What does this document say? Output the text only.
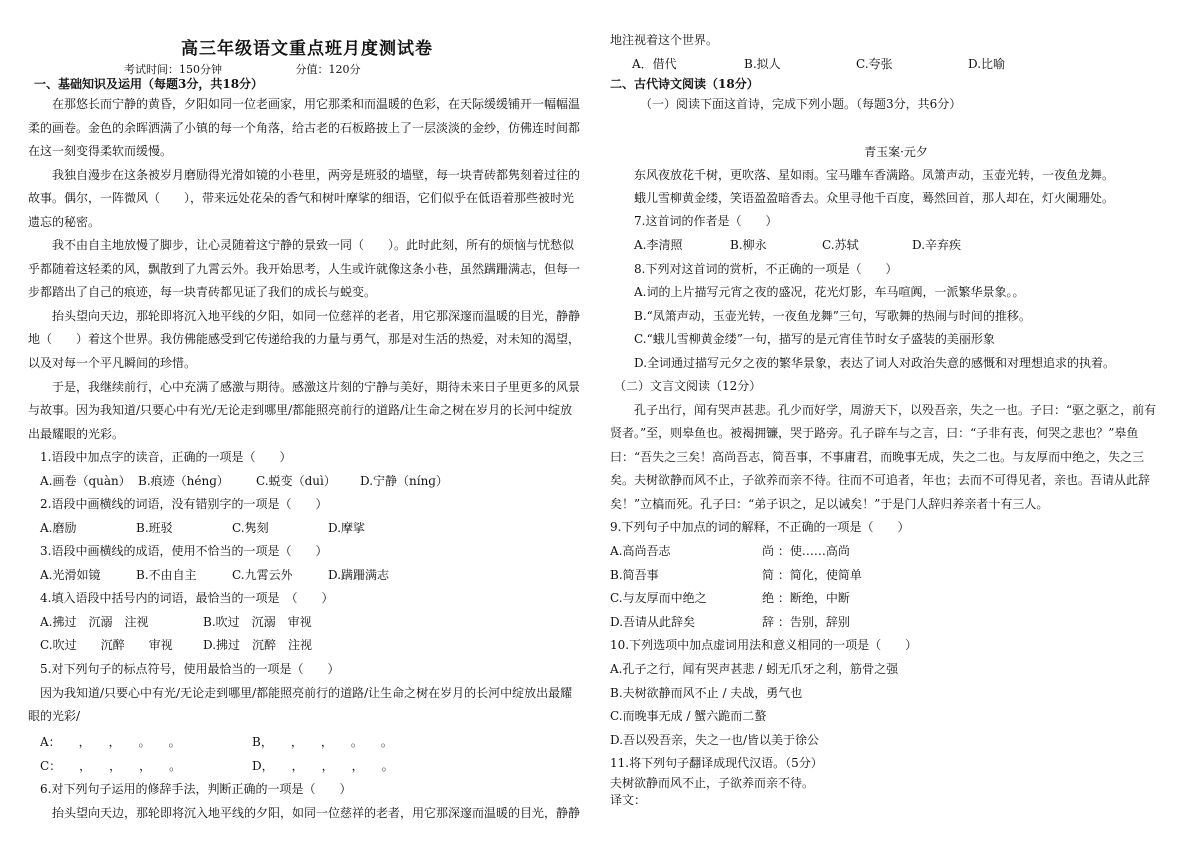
高三年级语文重点班月度测试卷
考试时间：150分钟	分值：120分
一、基础知识及运用（每题3分，共18分）
在那悠长而宁静的黄昏，夕阳如同一位老画家，用它那柔和而温暖的色彩，在天际缓缓铺开一幅幅温
柔的画卷。金色的余晖洒满了小镇的每一个角落，给古老的石板路披上了一层淡淡的金纱，仿佛连时间都
在这一刻变得柔软而缓慢。
我独自漫步在这条被岁月磨励得光滑如镜的小巷里，两旁是班驳的墙壁，每一块青砖都隽刻着过往的
故事。偶尔，一阵微风（　　），带来远处花朵的香气和树叶摩挲的细语，它们似乎在低语着那些被时光
遗忘的秘密。
我不由自主地放慢了脚步，让心灵随着这宁静的景致一同（　　）。此时此刻，所有的烦恼与忧愁似
乎都随着这轻柔的风，飘散到了九霄云外。我开始思考，人生或许就像这条小巷，虽然蹒跚满志，但每一
步都踏出了自己的痕迹，每一块青砖都见证了我们的成长与蜕变。
抬头望向天边，那轮即将沉入地平线的夕阳，如同一位慈祥的老者，用它那深邃而温暖的目光，静静
地（　　）着这个世界。我仿佛能感受到它传递给我的力量与勇气，那是对生活的热爱，对未知的渴望，
以及对每一个平凡瞬间的珍惜。
于是，我继续前行，心中充满了感激与期待。感激这片刻的宁静与美好，期待未来日子里更多的风景
与故事。因为我知道/只要心中有光/无论走到哪里/都能照亮前行的道路/让生命之树在岁月的长河中绽放
出最耀眼的光彩。
1.语段中加点字的读音，正确的一项是（　　）
A.画卷（quàn） B.痕迹（hénɡ）	C.蜕变（duì）	D.宁静（nínɡ）
2.语段中画横线的词语，没有错别字的一项是（　　）
A.磨励	B.班驳	C.隽刻	D.摩挲
3.语段中画横线的成语，使用不恰当的一项是（　　）
A.光滑如镜	B.不由自主	C.九霄云外	D.蹒跚满志
4.填入语段中括号内的词语，最恰当的一项是　（　　）
A.拂过　沉溺　注视	B.吹过　沉溺　审视
C.吹过　　沉醉　　审视	D.拂过　沉醉　注视
5.对下列句子的标点符号，使用最恰当的一项是（　　）
因为我知道/只要心中有光/无论走到哪里/都能照亮前行的道路/让生命之树在岁月的长河中绽放出最耀
眼的光彩/
A：　　，　　，　　。　　。	B，　　，　　，　　。　　。
C：　　，　　，　　，　　。	D，　　，　　，　　，　　。
6.对下列句子运用的修辞手法，判断正确的一项是（　　）
抬头望向天边，那轮即将沉入地平线的夕阳，如同一位慈祥的老者，用它那深邃而温暖的目光，静静
地注视着这个世界。
A．借代	B.拟人	C.夸张	D.比喻
二、古代诗文阅读（18分）
（一）阅读下面这首诗，完成下列小题。（每题3分，共6分）
青玉案·元夕
东风夜放花千树，更吹落、星如雨。宝马雕车香满路。凤箫声动，玉壶光转，一夜鱼龙舞。
蛾儿雪柳黄金缕，笑语盈盈暗香去。众里寻他千百度，蓦然回首，那人却在，灯火阑珊处。
7.这首词的作者是（　　）
A.李清照	B.柳永	C.苏轼	D.辛弃疾
8.下列对这首词的赏析，不正确的一项是（　　）
A.词的上片描写元宵之夜的盛况，花光灯影，车马喧阗，一派繁华景象。。
B.“凤箫声动，玉壶光转，一夜鱼龙舞”三句，写歌舞的热闹与时间的推移。
C.“蛾儿雪柳黄金缕”一句，描写的是元宵佳节时女子盛装的美丽形象
D.全词通过描写元夕之夜的繁华景象，表达了词人对政治失意的感慨和对理想追求的执着。
（二）文言文阅读（12分）
孔子出行，闻有哭声甚悲。孔少而好学，周游天下，以殁吾亲，失之一也。子曰：“驱之驱之，前有
贤者。”至，则皋鱼也。被褐拥镰，哭于路旁。孔子辟车与之言，曰：“子非有丧，何哭之悲也？”皋鱼
曰：“吾失之三矣！高尚吾志，简吾事，不事庸君，而晚事无成，失之二也。与友厚而中绝之，失之三
矣。夫树欲静而风不止，子欲养而亲不待。往而不可追者，年也；去而不可得见者，亲也。吾请从此辞
矣！”立槁而死。孔子曰：“弟子识之，足以诫矣！”于是门人辞归养亲者十有三人。
9.下列句子中加点的词的解释，不正确的一项是（　　）
A.高尚吾志	尚 ：使……高尚
B.简吾事	简 ：简化，使简单
C.与友厚而中绝之	绝 ：断绝，中断
D.吾请从此辞矣	辞 ：告别，辞别
10.下列选项中加点虚词用法和意义相同的一项是（　　）
A.孔子之行，闻有哭声甚悲 / 蚓无爪牙之利，筋骨之强
B.夫树欲静而风不止 / 夫战，勇气也
C.而晚事无成 / 蟹六跪而二螯
D.吾以殁吾亲，失之一也/皆以美于徐公
11.将下列句子翻译成现代汉语。（5分）
夫树欲静而风不止，子欲养而亲不待。
译文：
